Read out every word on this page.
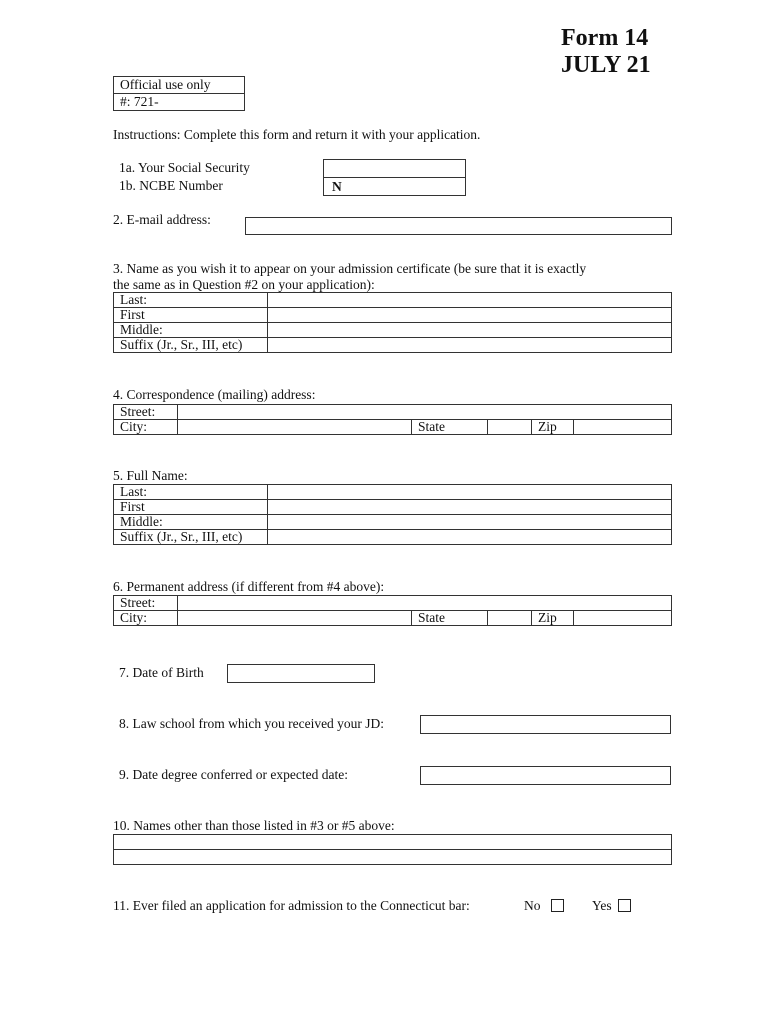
Form 14
JULY 21
Official use only
#: 721-
Instructions: Complete this form and return it with your application.
1a. Your Social Security
1b. NCBE Number	N
2. E-mail address:
3. Name as you wish it to appear on your admission certificate (be sure that it is exactly
the same as in Question #2 on your application):
Last:	
First	
Middle:	
Suffix (Jr., Sr., III, etc)	
4. Correspondence (mailing) address:
Street:					
City:		State		Zip	
5. Full Name:
Last:	
First	
Middle:	
Suffix (Jr., Sr., III, etc)	
6. Permanent address (if different from #4 above):
Street:					
City:		State		Zip	
7. Date of Birth
8. Law school from which you received your JD:
9. Date degree conferred or expected date:
10. Names other than those listed in #3 or #5 above:
11. Ever filed an application for admission to the Connecticut bar:	No	Yes
